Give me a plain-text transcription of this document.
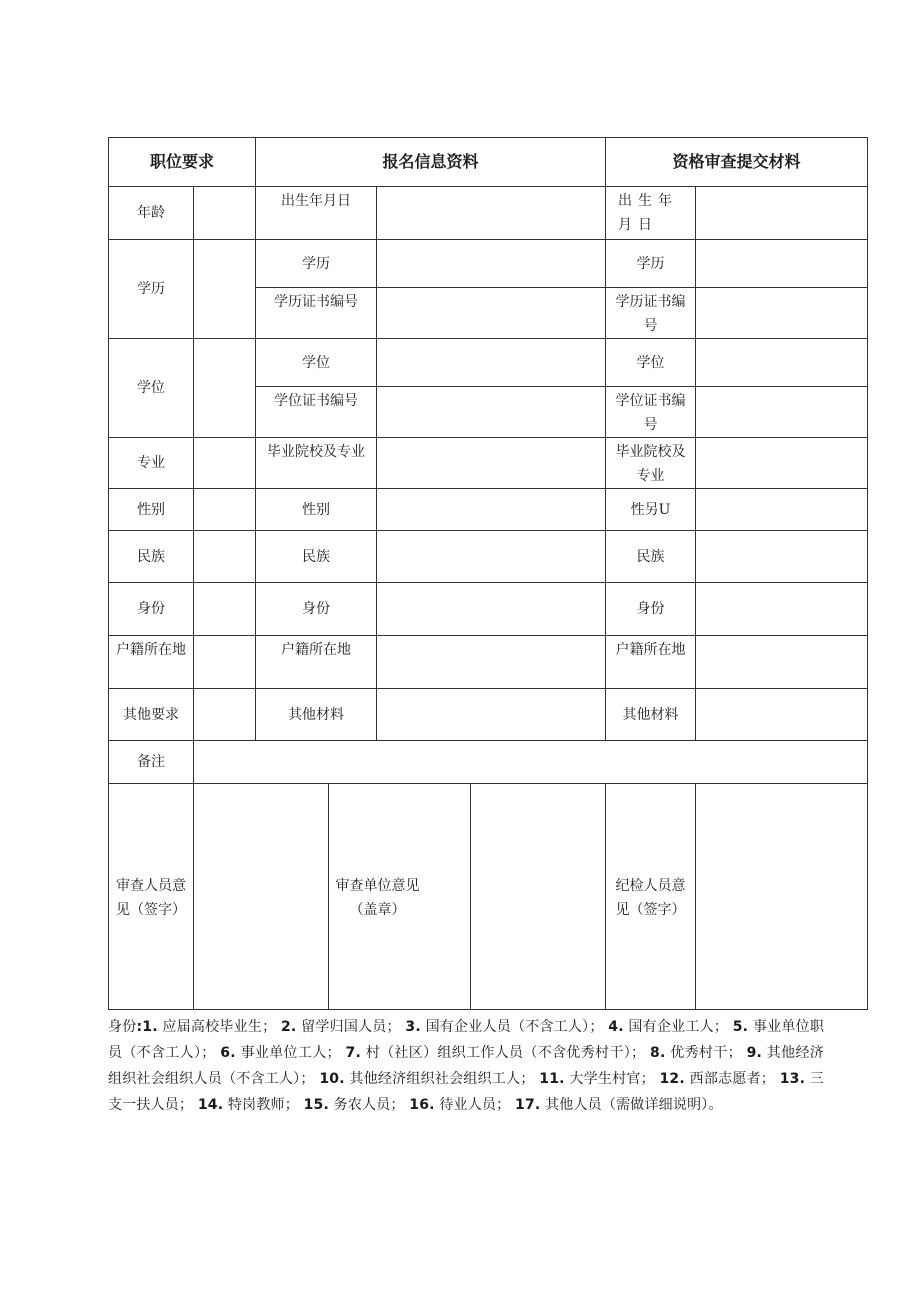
职位要求		报名信息资料				资格审查提交材料	
年龄		出生年月日				出生年月日	
学历		学历				学历	
		学历证书编号				学历证书编号	
学位		学位				学位	
		学位证书编号				学位证书编号	
专业		毕业院校及专业				毕业院校及专业	
性别		性别				性另U	
民族		民族				民族	
身份		身份				身份	
户籍所在地		户籍所在地				户籍所在地	
其他要求		其他材料				其他材料	
备注							
审查人员意见（签字）			审查单位意见（盖章）			纪检人员意见（签字）	
身份:1. 应届高校毕业生； 2. 留学归国人员； 3. 国有企业人员（不含工人）； 4. 国有企业工人； 5. 事业单位职员（不含工人）； 6. 事业单位工人； 7. 村（社区）组织工作人员（不含优秀村干）； 8. 优秀村干； 9. 其他经济组织社会组织人员（不含工人）； 10. 其他经济组织社会组织工人； 11. 大学生村官； 12. 西部志愿者； 13. 三支一扶人员； 14. 特岗教师； 15. 务农人员； 16. 待业人员； 17. 其他人员（需做详细说明）。
